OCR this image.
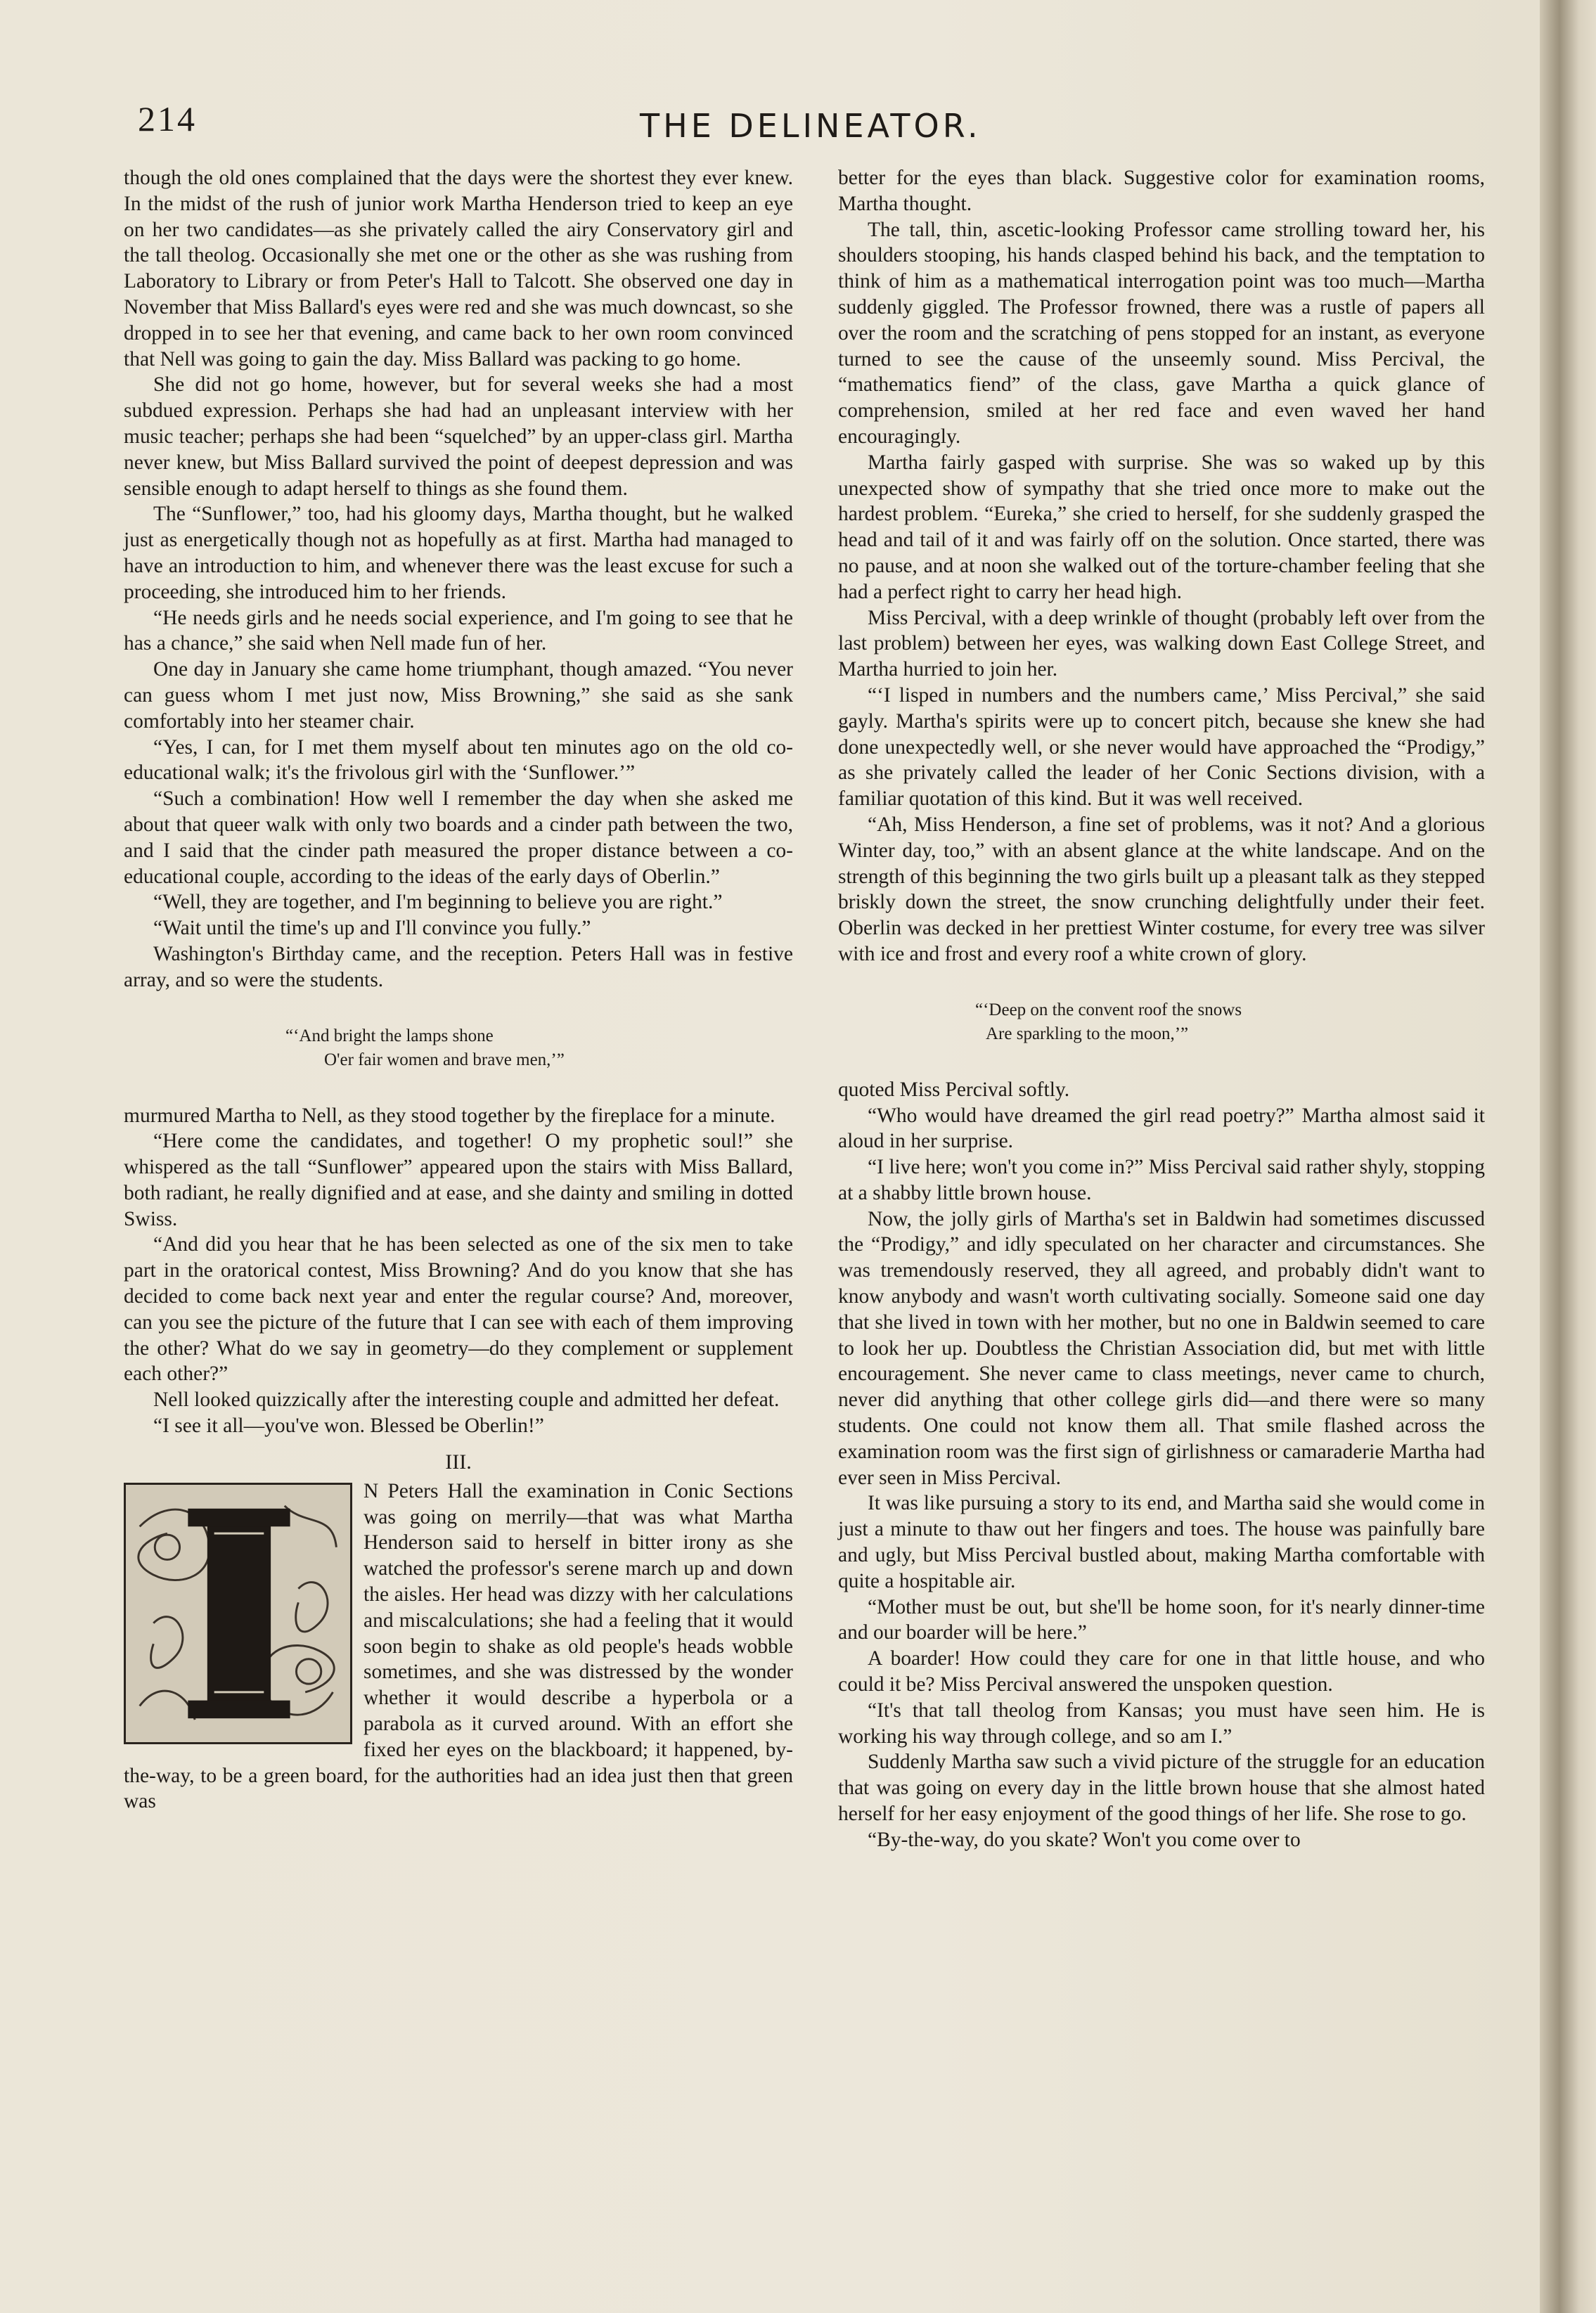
214	THE DELINEATOR.

though the old ones complained that the days were the shortest they ever knew. In the midst of the rush of junior work Martha Henderson tried to keep an eye on her two candidates—as she privately called the airy Conservatory girl and the tall theolog. Occasionally she met one or the other as she was rushing from Laboratory to Library or from Peter's Hall to Talcott. She observed one day in November that Miss Ballard's eyes were red and she was much downcast, so she dropped in to see her that evening, and came back to her own room convinced that Nell was going to gain the day. Miss Ballard was packing to go home.

She did not go home, however, but for several weeks she had a most subdued expression. Perhaps she had had an unpleasant interview with her music teacher; perhaps she had been “squelched” by an upper-class girl. Martha never knew, but Miss Ballard survived the point of deepest depression and was sensible enough to adapt herself to things as she found them.

The “Sunflower,” too, had his gloomy days, Martha thought, but he walked just as energetically though not as hopefully as at first. Martha had managed to have an introduction to him, and whenever there was the least excuse for such a proceeding, she introduced him to her friends.

“He needs girls and he needs social experience, and I'm going to see that he has a chance,” she said when Nell made fun of her.

One day in January she came home triumphant, though amazed. “You never can guess whom I met just now, Miss Browning,” she said as she sank comfortably into her steamer chair.

“Yes, I can, for I met them myself about ten minutes ago on the old co-educational walk; it's the frivolous girl with the ‘Sunflower.’”

“Such a combination! How well I remember the day when she asked me about that queer walk with only two boards and a cinder path between the two, and I said that the cinder path measured the proper distance between a co-educational couple, according to the ideas of the early days of Oberlin.”

“Well, they are together, and I'm beginning to believe you are right.”

“Wait until the time's up and I'll convince you fully.”

Washington's Birthday came, and the reception. Peters Hall was in festive array, and so were the students.

“‘And bright the lamps shone
O'er fair women and brave men,’”

murmured Martha to Nell, as they stood together by the fireplace for a minute.

“Here come the candidates, and together! O my prophetic soul!” she whispered as the tall “Sunflower” appeared upon the stairs with Miss Ballard, both radiant, he really dignified and at ease, and she dainty and smiling in dotted Swiss.

“And did you hear that he has been selected as one of the six men to take part in the oratorical contest, Miss Browning? And do you know that she has decided to come back next year and enter the regular course? And, moreover, can you see the picture of the future that I can see with each of them improving the other? What do we say in geometry—do they complement or supplement each other?”

Nell looked quizzically after the interesting couple and admitted her defeat.

“I see it all—you've won. Blessed be Oberlin!”

III.

N Peters Hall the examination in Conic Sections was going on merrily—that was what Martha Henderson said to herself in bitter irony as she watched the professor's serene march up and down the aisles. Her head was dizzy with her calculations and miscalculations; she had a feeling that it would soon begin to shake as old people's heads wobble sometimes, and she was distressed by the wonder whether it would describe a hyperbola or a parabola as it curved around. With an effort she fixed her eyes on the blackboard; it happened, by-the-way, to be a green board, for the authorities had an idea just then that green was

better for the eyes than black. Suggestive color for examination rooms, Martha thought.

The tall, thin, ascetic-looking Professor came strolling toward her, his shoulders stooping, his hands clasped behind his back, and the temptation to think of him as a mathematical interrogation point was too much—Martha suddenly giggled. The Professor frowned, there was a rustle of papers all over the room and the scratching of pens stopped for an instant, as everyone turned to see the cause of the unseemly sound. Miss Percival, the “mathematics fiend” of the class, gave Martha a quick glance of comprehension, smiled at her red face and even waved her hand encouragingly.

Martha fairly gasped with surprise. She was so waked up by this unexpected show of sympathy that she tried once more to make out the hardest problem. “Eureka,” she cried to herself, for she suddenly grasped the head and tail of it and was fairly off on the solution. Once started, there was no pause, and at noon she walked out of the torture-chamber feeling that she had a perfect right to carry her head high.

Miss Percival, with a deep wrinkle of thought (probably left over from the last problem) between her eyes, was walking down East College Street, and Martha hurried to join her.

“‘I lisped in numbers and the numbers came,’ Miss Percival,” she said gayly. Martha's spirits were up to concert pitch, because she knew she had done unexpectedly well, or she never would have approached the “Prodigy,” as she privately called the leader of her Conic Sections division, with a familiar quotation of this kind. But it was well received.

“Ah, Miss Henderson, a fine set of problems, was it not? And a glorious Winter day, too,” with an absent glance at the white landscape. And on the strength of this beginning the two girls built up a pleasant talk as they stepped briskly down the street, the snow crunching delightfully under their feet. Oberlin was decked in her prettiest Winter costume, for every tree was silver with ice and frost and every roof a white crown of glory.

“‘Deep on the convent roof the snows
Are sparkling to the moon,’”

quoted Miss Percival softly.

“Who would have dreamed the girl read poetry?” Martha almost said it aloud in her surprise.

“I live here; won't you come in?” Miss Percival said rather shyly, stopping at a shabby little brown house.

Now, the jolly girls of Martha's set in Baldwin had sometimes discussed the “Prodigy,” and idly speculated on her character and circumstances. She was tremendously reserved, they all agreed, and probably didn't want to know anybody and wasn't worth cultivating socially. Someone said one day that she lived in town with her mother, but no one in Baldwin seemed to care to look her up. Doubtless the Christian Association did, but met with little encouragement. She never came to class meetings, never came to church, never did anything that other college girls did—and there were so many students. One could not know them all. That smile flashed across the examination room was the first sign of girlishness or camaraderie Martha had ever seen in Miss Percival.

It was like pursuing a story to its end, and Martha said she would come in just a minute to thaw out her fingers and toes. The house was painfully bare and ugly, but Miss Percival bustled about, making Martha comfortable with quite a hospitable air.

“Mother must be out, but she'll be home soon, for it's nearly dinner-time and our boarder will be here.”

A boarder! How could they care for one in that little house, and who could it be? Miss Percival answered the unspoken question.

“It's that tall theolog from Kansas; you must have seen him. He is working his way through college, and so am I.”

Suddenly Martha saw such a vivid picture of the struggle for an education that was going on every day in the little brown house that she almost hated herself for her easy enjoyment of the good things of her life. She rose to go.

“By-the-way, do you skate? Won't you come over to
